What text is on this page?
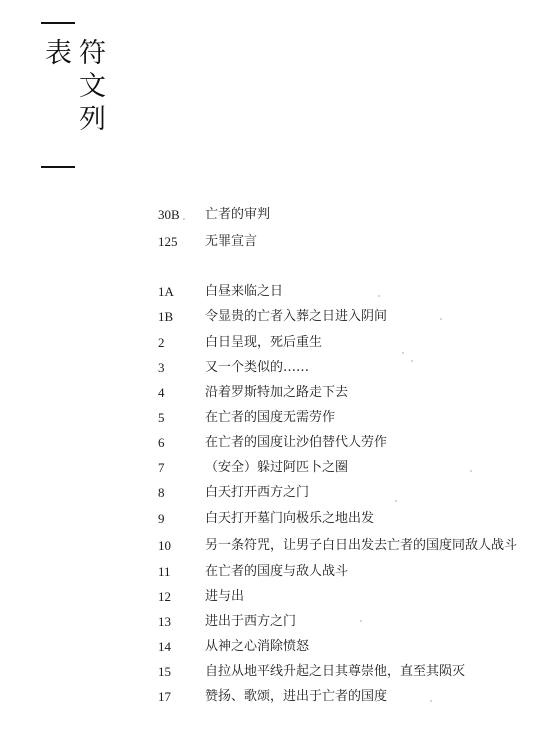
符文列表
30B 亡者的审判
125 无罪宣言
1A 白昼来临之日
1B 令显贵的亡者入葬之日进入阴间
2	白日呈现，死后重生
3	又一个类似的……
4	沿着罗斯特加之路走下去
5	在亡者的国度无需劳作
6	在亡者的国度让沙伯替代人劳作
7	（安全）躲过阿匹卜之圈
8	白天打开西方之门
9	白天打开墓门向极乐之地出发
10	另一条符咒，让男子白日出发去亡者的国度同敌人战斗
11	在亡者的国度与敌人战斗
12	进与出
13	进出于西方之门
14	从神之心消除愤怒
15	自拉从地平线升起之日其尊崇他，直至其陨灭
17	赞扬、歌颂，进出于亡者的国度
